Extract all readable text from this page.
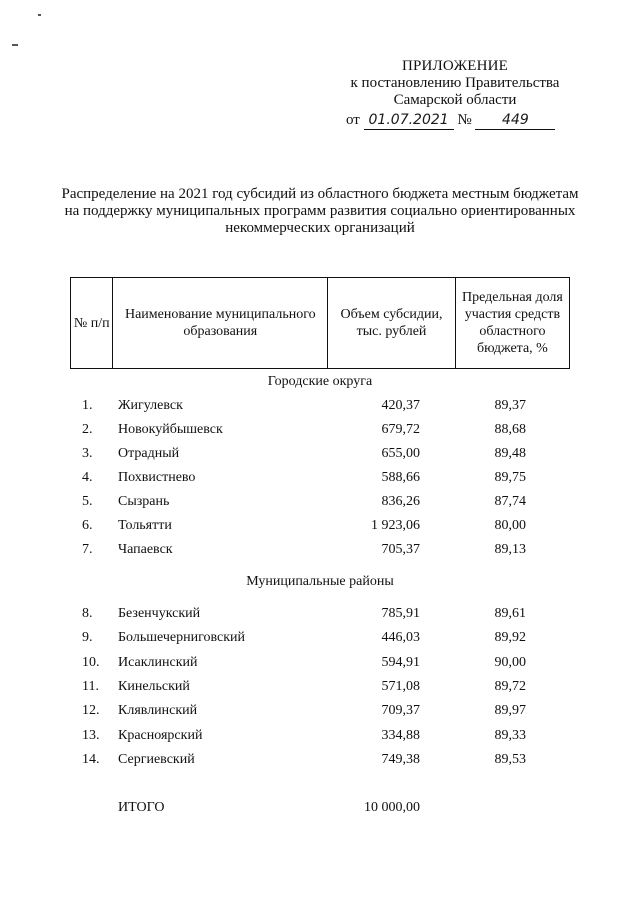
ПРИЛОЖЕНИЕ
к постановлению Правительства
Самарской области
от 01.07.2021 № 449
Распределение на 2021 год субсидий из областного бюджета местным бюджетам на поддержку муниципальных программ развития социально ориентированных некоммерческих организаций
№ п/п	Наименование муниципального образования	Объем субсидии, тыс. рублей	Предельная доля участия средств областного бюджета, %
Городские округа
1. Жигулевск	420,37	89,37
2. Новокуйбышевск	679,72	88,68
3. Отрадный	655,00	89,48
4. Похвистнево	588,66	89,75
5. Сызрань	836,26	87,74
6. Тольятти	1 923,06	80,00
7. Чапаевск	705,37	89,13
Муниципальные районы
8. Безенчукский	785,91	89,61
9. Большечерниговский	446,03	89,92
10. Исаклинский	594,91	90,00
11. Кинельский	571,08	89,72
12. Клявлинский	709,37	89,97
13. Красноярский	334,88	89,33
14. Сергиевский	749,38	89,53
ИТОГО	10 000,00
